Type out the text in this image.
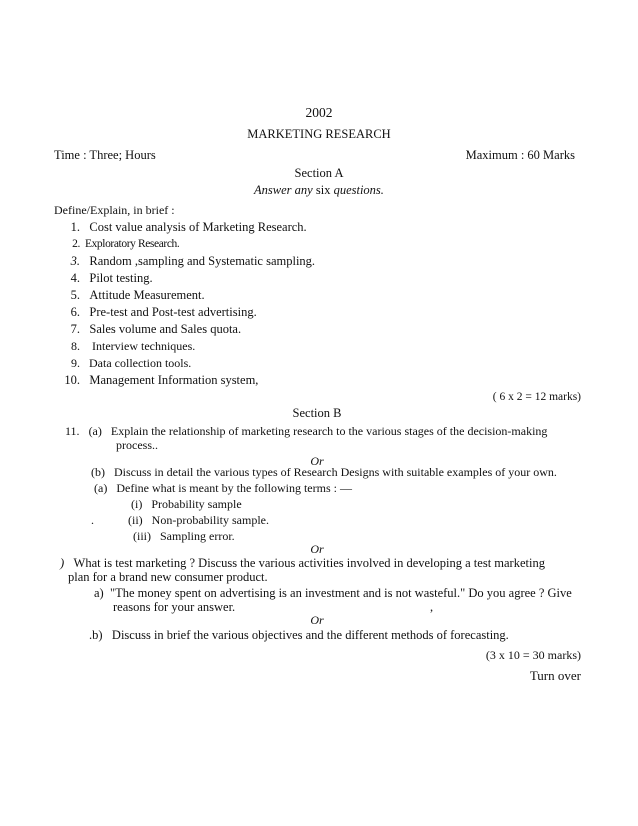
2002
MARKETING RESEARCH
Time : Three; Hours	Maximum : 60 Marks
Section A
Answer any six questions.
Define/Explain, in brief :
1. Cost value analysis of Marketing Research.
2. Exploratory Research.
3. Random ,sampling and Systematic sampling.
4. Pilot testing.
5. Attitude Measurement.
6. Pre-test and Post-test advertising.
7. Sales volume and Sales quota.
8. Interview techniques.
9. Data collection tools.
10. Management Information system,
( 6 x 2 = 12 marks)
Section B
11. (a) Explain the relationship of marketing research to the various stages of the decision-making
process..
Or
(b) Discuss in detail the various types of Research Designs with suitable examples of your own.
(a) Define what is meant by the following terms : —
(i) Probability sample
.	(ii) Non-probability sample.
(iii) Sampling error.
Or
) What is test marketing ? Discuss the various activities involved in developing a test marketing
plan for a brand new consumer product.
a) "The money spent on advertising is an investment and is not wasteful." Do you agree ? Give
reasons for your answer.	,
Or
.b) Discuss in brief the various objectives and the different methods of forecasting.
(3 x 10 = 30 marks)
Turn over
